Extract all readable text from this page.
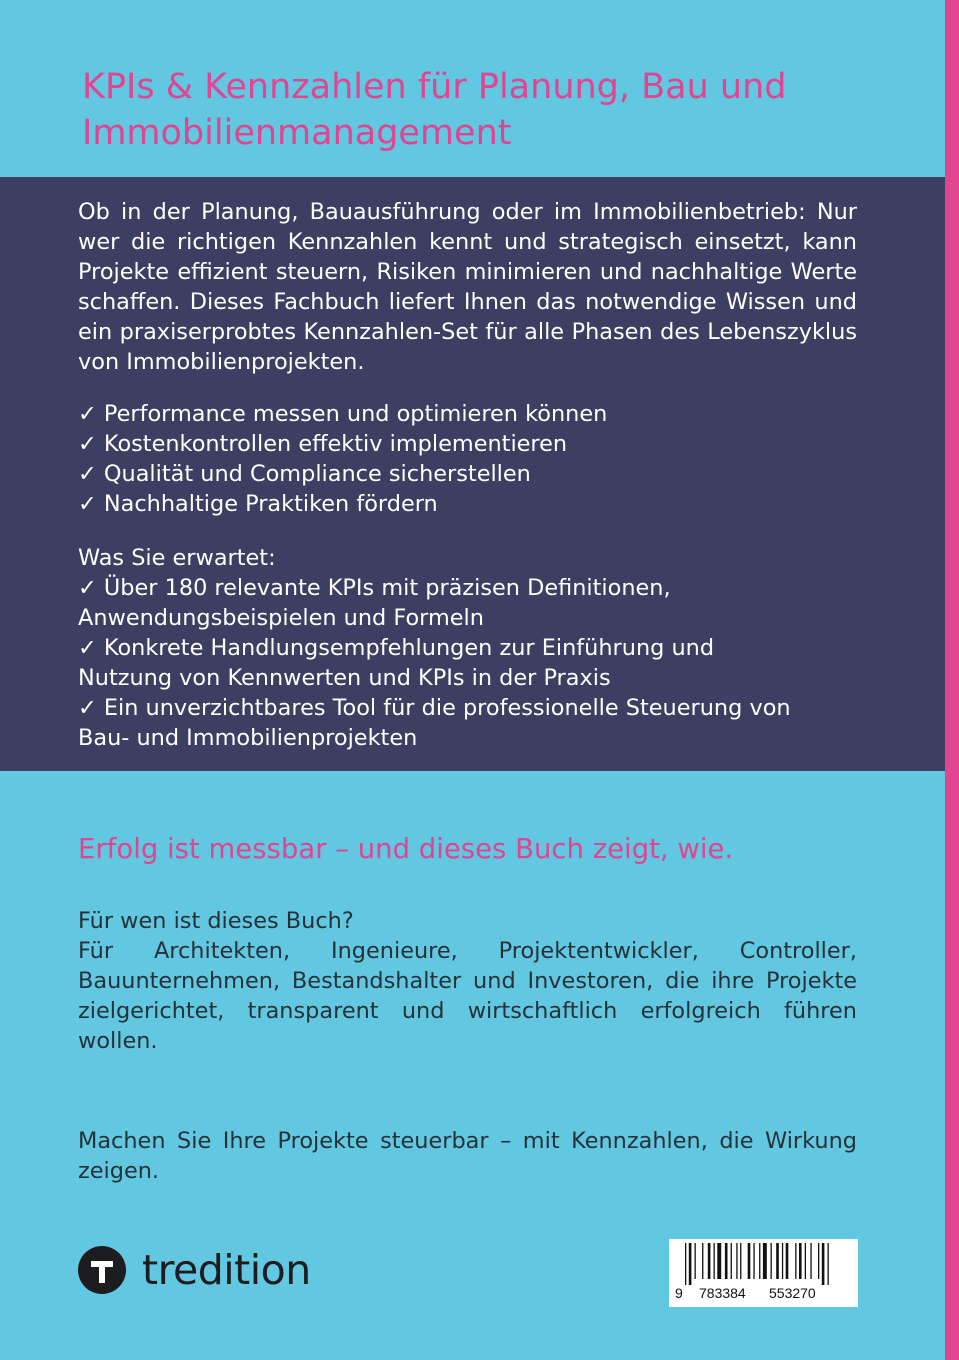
KPIs & Kennzahlen für Planung, Bau und
Immobilienmanagement

Ob in der Planung, Bauausführung oder im Immobilienbetrieb: Nur wer die richtigen Kennzahlen kennt und strategisch einsetzt, kann Projekte effizient steuern, Risiken minimieren und nachhaltige Werte schaffen. Dieses Fachbuch liefert Ihnen das notwendige Wissen und ein praxiserprobtes Kennzahlen-Set für alle Phasen des Lebenszyklus von Immobilienprojekten.

✓ Performance messen und optimieren können
✓ Kostenkontrollen effektiv implementieren
✓ Qualität und Compliance sicherstellen
✓ Nachhaltige Praktiken fördern
Was Sie erwartet:
✓ Über 180 relevante KPIs mit präzisen Definitionen,
Anwendungsbeispielen und Formeln
✓ Konkrete Handlungsempfehlungen zur Einführung und
Nutzung von Kennwerten und KPIs in der Praxis
✓ Ein unverzichtbares Tool für die professionelle Steuerung von
Bau- und Immobilienprojekten

Erfolg ist messbar – und dieses Buch zeigt, wie.

Für wen ist dieses Buch?
Für Architekten, Ingenieure, Projektentwickler, Controller, Bauunternehmen, Bestandshalter und Investoren, die ihre Projekte zielgerichtet, transparent und wirtschaftlich erfolgreich führen wollen.

Machen Sie Ihre Projekte steuerbar – mit Kennzahlen, die Wirkung zeigen.

tredition	9 783384 553270
